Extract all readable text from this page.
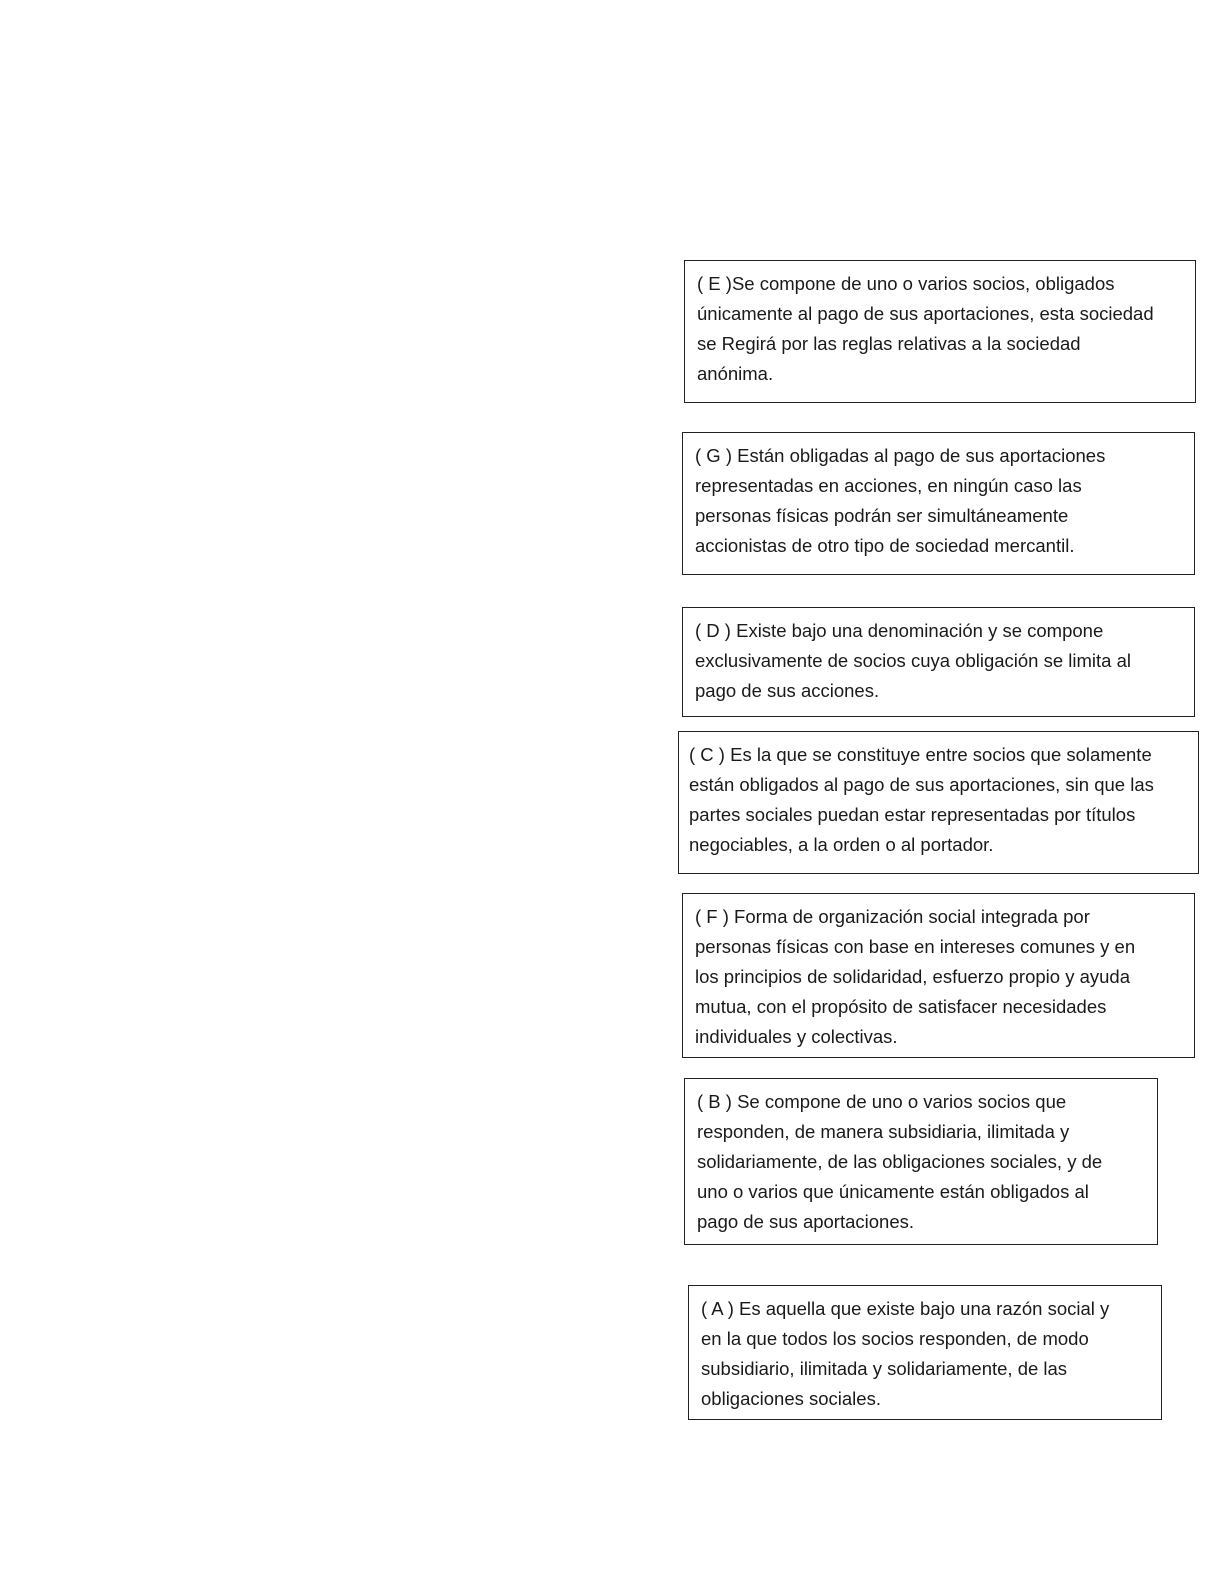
( E )Se compone de uno o varios socios, obligados
únicamente al pago de sus aportaciones, esta sociedad
se Regirá por las reglas relativas a la sociedad
anónima.
( G ) Están obligadas al pago de sus aportaciones
representadas en acciones, en ningún caso las
personas físicas podrán ser simultáneamente
accionistas de otro tipo de sociedad mercantil.
( D ) Existe bajo una denominación y se compone
exclusivamente de socios cuya obligación se limita al
pago de sus acciones.
( C ) Es la que se constituye entre socios que solamente
están obligados al pago de sus aportaciones, sin que las
partes sociales puedan estar representadas por títulos
negociables, a la orden o al portador.
( F ) Forma de organización social integrada por
personas físicas con base en intereses comunes y en
los principios de solidaridad, esfuerzo propio y ayuda
mutua, con el propósito de satisfacer necesidades
individuales y colectivas.
( B ) Se compone de uno o varios socios que
responden, de manera subsidiaria, ilimitada y
solidariamente, de las obligaciones sociales, y de
uno o varios que únicamente están obligados al
pago de sus aportaciones.
( A ) Es aquella que existe bajo una razón social y
en la que todos los socios responden, de modo
subsidiario, ilimitada y solidariamente, de las
obligaciones sociales.
